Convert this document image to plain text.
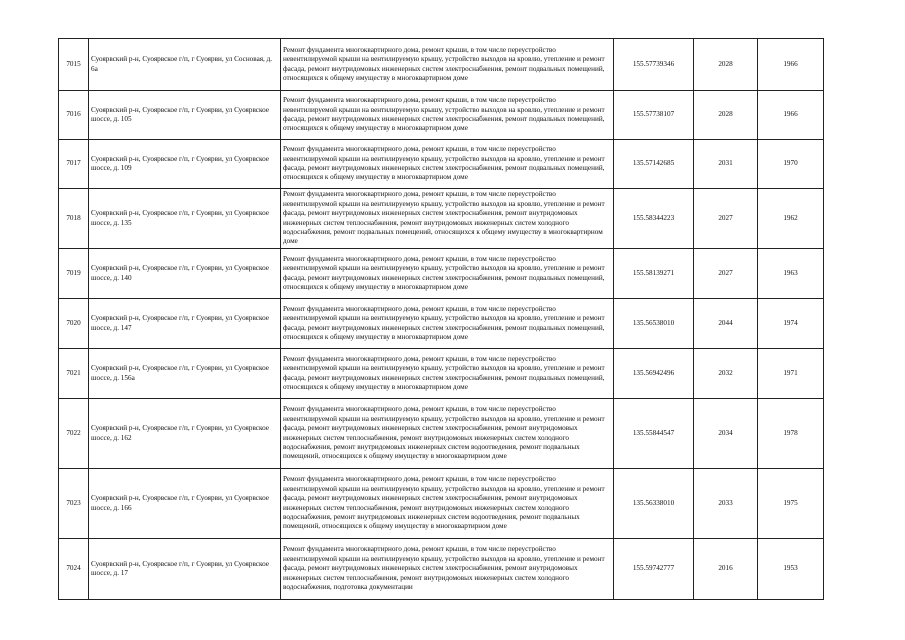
7015	Суоярвский р-н, Суоярвское г/п, г Суоярви, ул Сосновая, д. 6а	Ремонт фундамента многоквартирного дома, ремонт крыши, в том числе переустройство невентилируемой крыши на вентилируемую крышу, устройство выходов на кровлю, утепление и ремонт фасада, ремонт внутридомовых инженерных систем электроснабжения, ремонт подвальных помещений, относящихся к общему имуществу в многоквартирном доме	155.57739346	2028	1966
7016	Суоярвский р-н, Суоярвское г/п, г Суоярви, ул Суоярвское шоссе, д. 105	Ремонт фундамента многоквартирного дома, ремонт крыши, в том числе переустройство невентилируемой крыши на вентилируемую крышу, устройство выходов на кровлю, утепление и ремонт фасада, ремонт внутридомовых инженерных систем электроснабжения, ремонт подвальных помещений, относящихся к общему имуществу в многоквартирном доме	155.57738107	2028	1966
7017	Суоярвский р-н, Суоярвское г/п, г Суоярви, ул Суоярвское шоссе, д. 109	Ремонт фундамента многоквартирного дома, ремонт крыши, в том числе переустройство невентилируемой крыши на вентилируемую крышу, устройство выходов на кровлю, утепление и ремонт фасада, ремонт внутридомовых инженерных систем электроснабжения, ремонт подвальных помещений, относящихся к общему имуществу в многоквартирном доме	135.57142685	2031	1970
7018	Суоярвский р-н, Суоярвское г/п, г Суоярви, ул Суоярвское шоссе, д. 135	Ремонт фундамента многоквартирного дома, ремонт крыши, в том числе переустройство невентилируемой крыши на вентилируемую крышу, устройство выходов на кровлю, утепление и ремонт фасада, ремонт внутридомовых инженерных систем электроснабжения, ремонт внутридомовых инженерных систем теплоснабжения, ремонт внутридомовых инженерных систем холодного водоснабжения, ремонт подвальных помещений, относящихся к общему имуществу в многоквартирном доме	155.58344223	2027	1962
7019	Суоярвский р-н, Суоярвское г/п, г Суоярви, ул Суоярвское шоссе, д. 140	Ремонт фундамента многоквартирного дома, ремонт крыши, в том числе переустройство невентилируемой крыши на вентилируемую крышу, устройство выходов на кровлю, утепление и ремонт фасада, ремонт внутридомовых инженерных систем электроснабжения, ремонт подвальных помещений, относящихся к общему имуществу в многоквартирном доме	155.58139271	2027	1963
7020	Суоярвский р-н, Суоярвское г/п, г Суоярви, ул Суоярвское шоссе, д. 147	Ремонт фундамента многоквартирного дома, ремонт крыши, в том числе переустройство невентилируемой крыши на вентилируемую крышу, устройство выходов на кровлю, утепление и ремонт фасада, ремонт внутридомовых инженерных систем электроснабжения, ремонт подвальных помещений, относящихся к общему имуществу в многоквартирном доме	135.56538010	2044	1974
7021	Суоярвский р-н, Суоярвское г/п, г Суоярви, ул Суоярвское шоссе, д. 156а	Ремонт фундамента многоквартирного дома, ремонт крыши, в том числе переустройство невентилируемой крыши на вентилируемую крышу, устройство выходов на кровлю, утепление и ремонт фасада, ремонт внутридомовых инженерных систем электроснабжения, ремонт подвальных помещений, относящихся к общему имуществу в многоквартирном доме	135.56942496	2032	1971
7022	Суоярвский р-н, Суоярвское г/п, г Суоярви, ул Суоярвское шоссе, д. 162	Ремонт фундамента многоквартирного дома, ремонт крыши, в том числе переустройство невентилируемой крыши на вентилируемую крышу, устройство выходов на кровлю, утепление и ремонт фасада, ремонт внутридомовых инженерных систем электроснабжения, ремонт внутридомовых инженерных систем теплоснабжения, ремонт внутридомовых инженерных систем холодного водоснабжения, ремонт внутридомовых инженерных систем водоотведения, ремонт подвальных помещений, относящихся к общему имуществу в многоквартирном доме	135.55844547	2034	1978
7023	Суоярвский р-н, Суоярвское г/п, г Суоярви, ул Суоярвское шоссе, д. 166	Ремонт фундамента многоквартирного дома, ремонт крыши, в том числе переустройство невентилируемой крыши на вентилируемую крышу, устройство выходов на кровлю, утепление и ремонт фасада, ремонт внутридомовых инженерных систем электроснабжения, ремонт внутридомовых инженерных систем теплоснабжения, ремонт внутридомовых инженерных систем холодного водоснабжения, ремонт внутридомовых инженерных систем водоотведения, ремонт подвальных помещений, относящихся к общему имуществу в многоквартирном доме	135.56338010	2033	1975
7024	Суоярвский р-н, Суоярвское г/п, г Суоярви, ул Суоярвское шоссе, д. 17	Ремонт фундамента многоквартирного дома, ремонт крыши, в том числе переустройство невентилируемой крыши на вентилируемую крышу, устройство выходов на кровлю, утепление и ремонт фасада, ремонт внутридомовых инженерных систем электроснабжения, ремонт внутридомовых инженерных систем теплоснабжения, ремонт внутридомовых инженерных систем холодного водоснабжения, подготовка документации	155.59742777	2016	1953
